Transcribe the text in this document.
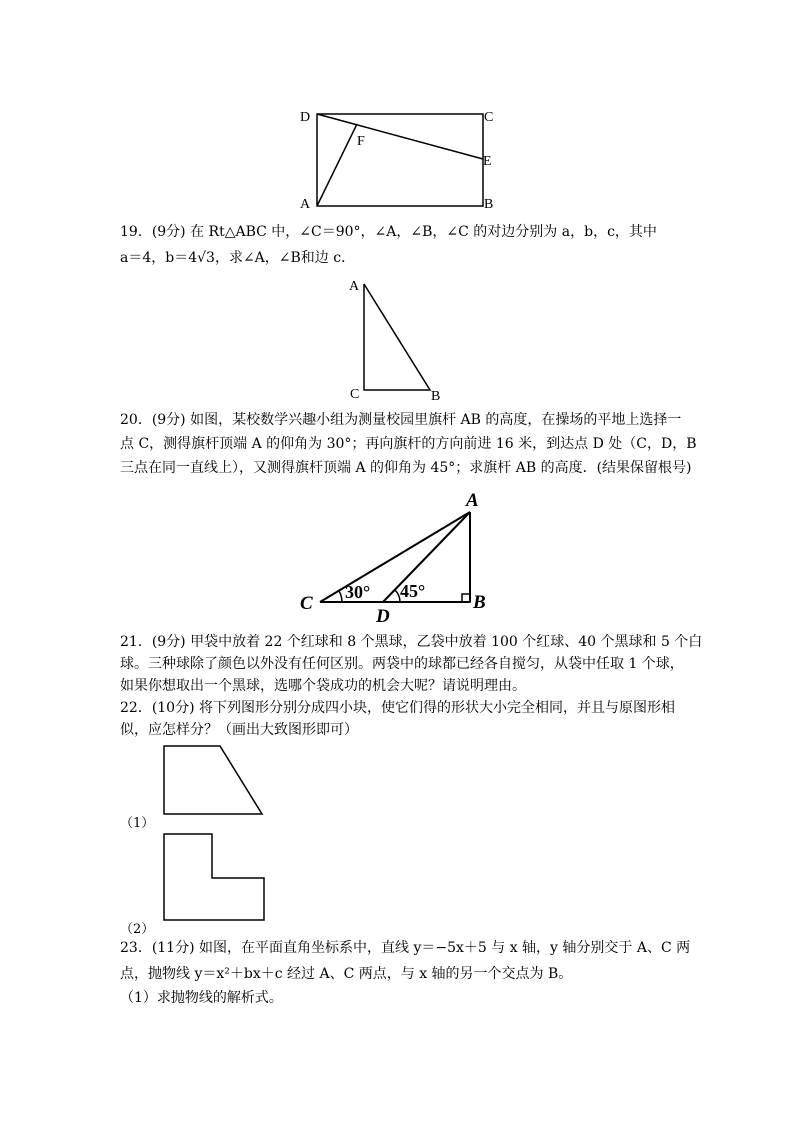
D	C
F
E
A	B
19．(9分) 在 Rt△ABC 中，∠C＝90°，∠A，∠B，∠C 的对边分别为 a，b，c，其中
a＝4，b＝4√3，求∠A，∠B和边 c．
A
C	B
20．(9分) 如图，某校数学兴趣小组为测量校园里旗杆 AB 的高度，在操场的平地上选择一
点 C，测得旗杆顶端 A 的仰角为 30°；再向旗杆的方向前进 16 米，到达点 D 处（C，D，B
三点在同一直线上），又测得旗杆顶端 A 的仰角为 45°；求旗杆 AB 的高度．(结果保留根号)
A
C
D
B
30° 45°
21．(9分) 甲袋中放着 22 个红球和 8 个黑球，乙袋中放着 100 个红球、40 个黑球和 5 个白
球。三种球除了颜色以外没有任何区别。两袋中的球都已经各自搅匀，从袋中任取 1 个球，
如果你想取出一个黑球，选哪个袋成功的机会大呢？请说明理由。
22．(10分) 将下列图形分别分成四小块，使它们得的形状大小完全相同，并且与原图形相
似，应怎样分？（画出大致图形即可）
（1）
（2）
23．(11分) 如图，在平面直角坐标系中，直线 y＝−5x＋5 与 x 轴，y 轴分别交于 A、C 两
点，抛物线 y＝x²＋bx＋c 经过 A、C 两点，与 x 轴的另一个交点为 B。
（1）求抛物线的解析式。
